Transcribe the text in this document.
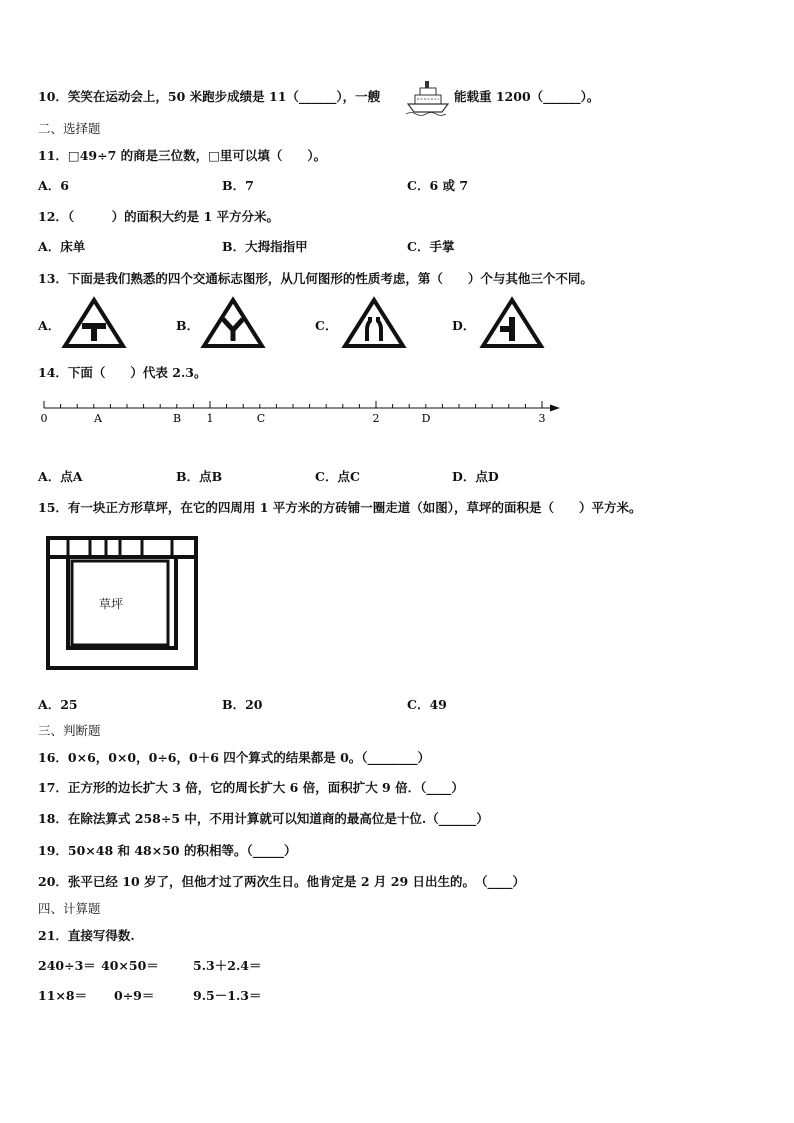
10．笑笑在运动会上，50 米跑步成绩是 11（______），一艘	能载重 1200（______）。
二、选择题
11．□49÷7 的商是三位数，□里可以填（　　）。
A．6	B．7	C．6 或 7
12．（　　　）的面积大约是 1 平方分米。
A．床单	B．大拇指指甲	C．手掌
13．下面是我们熟悉的四个交通标志图形，从几何图形的性质考虑，第（　　）个与其他三个不同。
A．	B．	C．	D．
14．下面（　　）代表 2.3。
0	A	B 1	C	2	D	3
A．点A	B．点B	C．点C	D．点D
15．有一块正方形草坪，在它的四周用 1 平方米的方砖铺一圈走道（如图），草坪的面积是（　　）平方米。
草坪
A．25	B．20	C．49
三、判断题
16．0×6，0×0，0÷6，0＋6 四个算式的结果都是 0。（________）
17．正方形的边长扩大 3 倍，它的周长扩大 6 倍，面积扩大 9 倍．（____）
18．在除法算式 258÷5 中，不用计算就可以知道商的最高位是十位.（______）
19．50×48 和 48×50 的积相等。（_____）
20．张平已经 10 岁了，但他才过了两次生日。他肯定是 2 月 29 日出生的。　（____）
四、计算题
21．直接写得数.
240÷3＝ 40×50＝	5.3＋2.4＝
11×8＝ 0÷9＝	9.5－1.3＝
